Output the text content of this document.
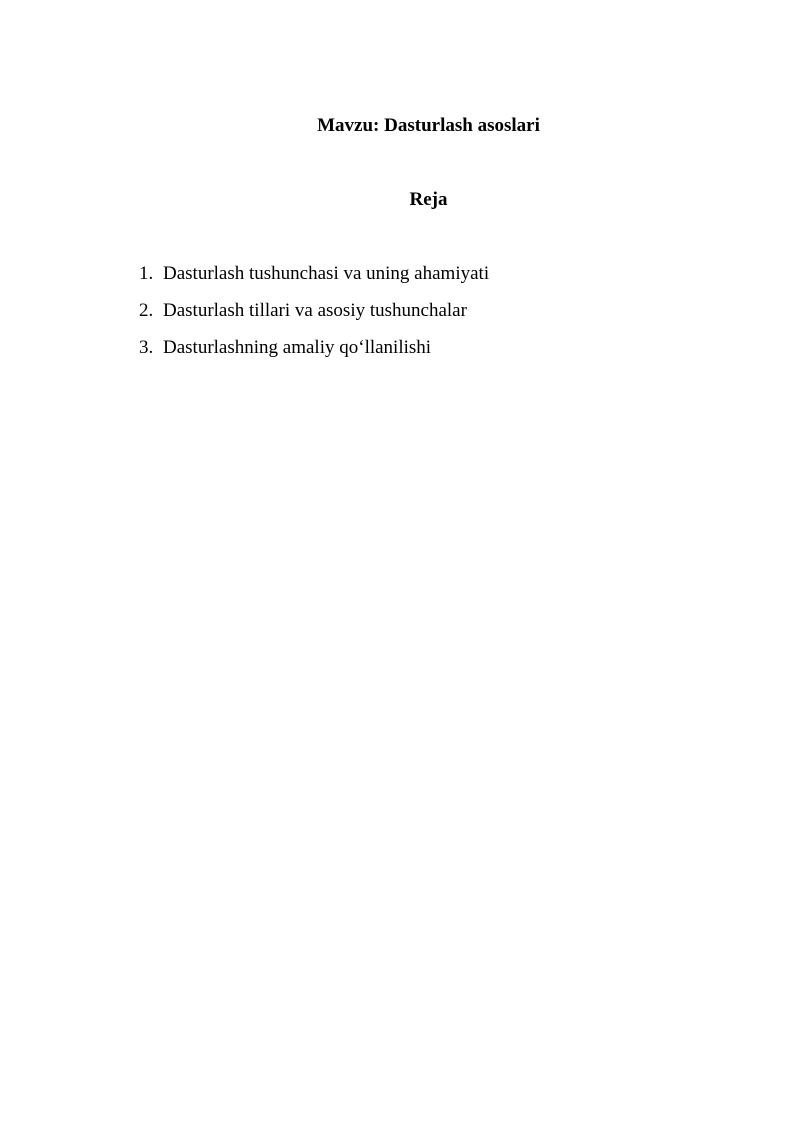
Mavzu: Dasturlash asoslari
Reja
1. Dasturlash tushunchasi va uning ahamiyati
2. Dasturlash tillari va asosiy tushunchalar
3. Dasturlashning amaliy qo‘llanilishi
